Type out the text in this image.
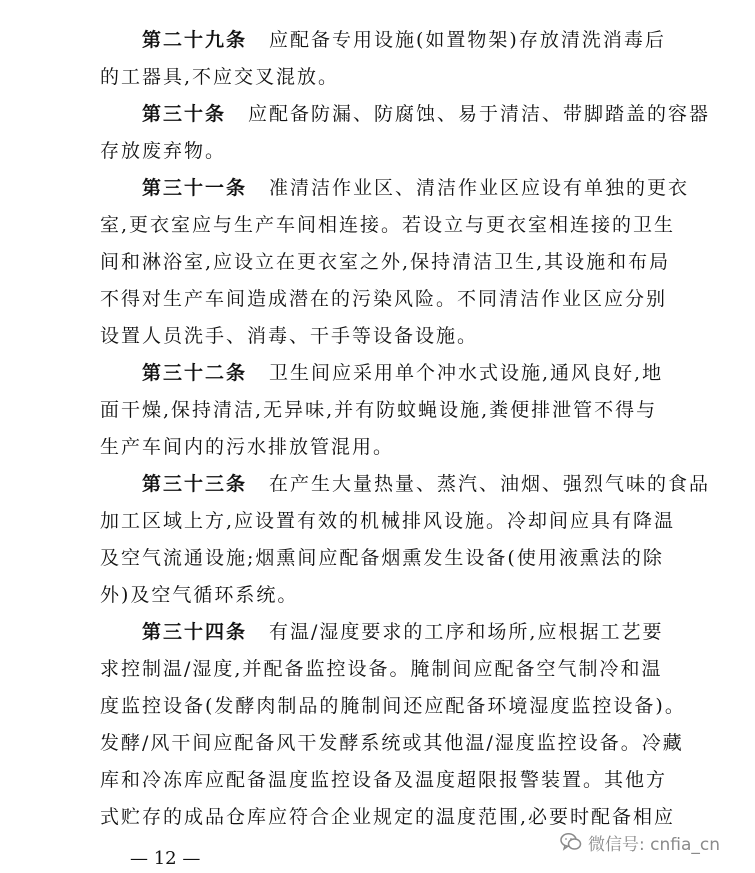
第二十九条 应配备专用设施(如置物架)存放清洗消毒后
的工器具,不应交叉混放。
第三十条 应配备防漏、防腐蚀、易于清洁、带脚踏盖的容器
存放废弃物。
第三十一条 准清洁作业区、清洁作业区应设有单独的更衣
室,更衣室应与生产车间相连接。若设立与更衣室相连接的卫生
间和淋浴室,应设立在更衣室之外,保持清洁卫生,其设施和布局
不得对生产车间造成潜在的污染风险。不同清洁作业区应分别
设置人员洗手、消毒、干手等设备设施。
第三十二条 卫生间应采用单个冲水式设施,通风良好,地
面干燥,保持清洁,无异味,并有防蚊蝇设施,粪便排泄管不得与
生产车间内的污水排放管混用。
第三十三条 在产生大量热量、蒸汽、油烟、强烈气味的食品
加工区域上方,应设置有效的机械排风设施。冷却间应具有降温
及空气流通设施;烟熏间应配备烟熏发生设备(使用液熏法的除
外)及空气循环系统。
第三十四条 有温/湿度要求的工序和场所,应根据工艺要
求控制温/湿度,并配备监控设备。腌制间应配备空气制冷和温
度监控设备(发酵肉制品的腌制间还应配备环境湿度监控设备)。
发酵/风干间应配备风干发酵系统或其他温/湿度监控设备。冷藏
库和冷冻库应配备温度监控设备及温度超限报警装置。其他方
式贮存的成品仓库应符合企业规定的温度范围,必要时配备相应
— 12 —
微信号: cnfia_cn
